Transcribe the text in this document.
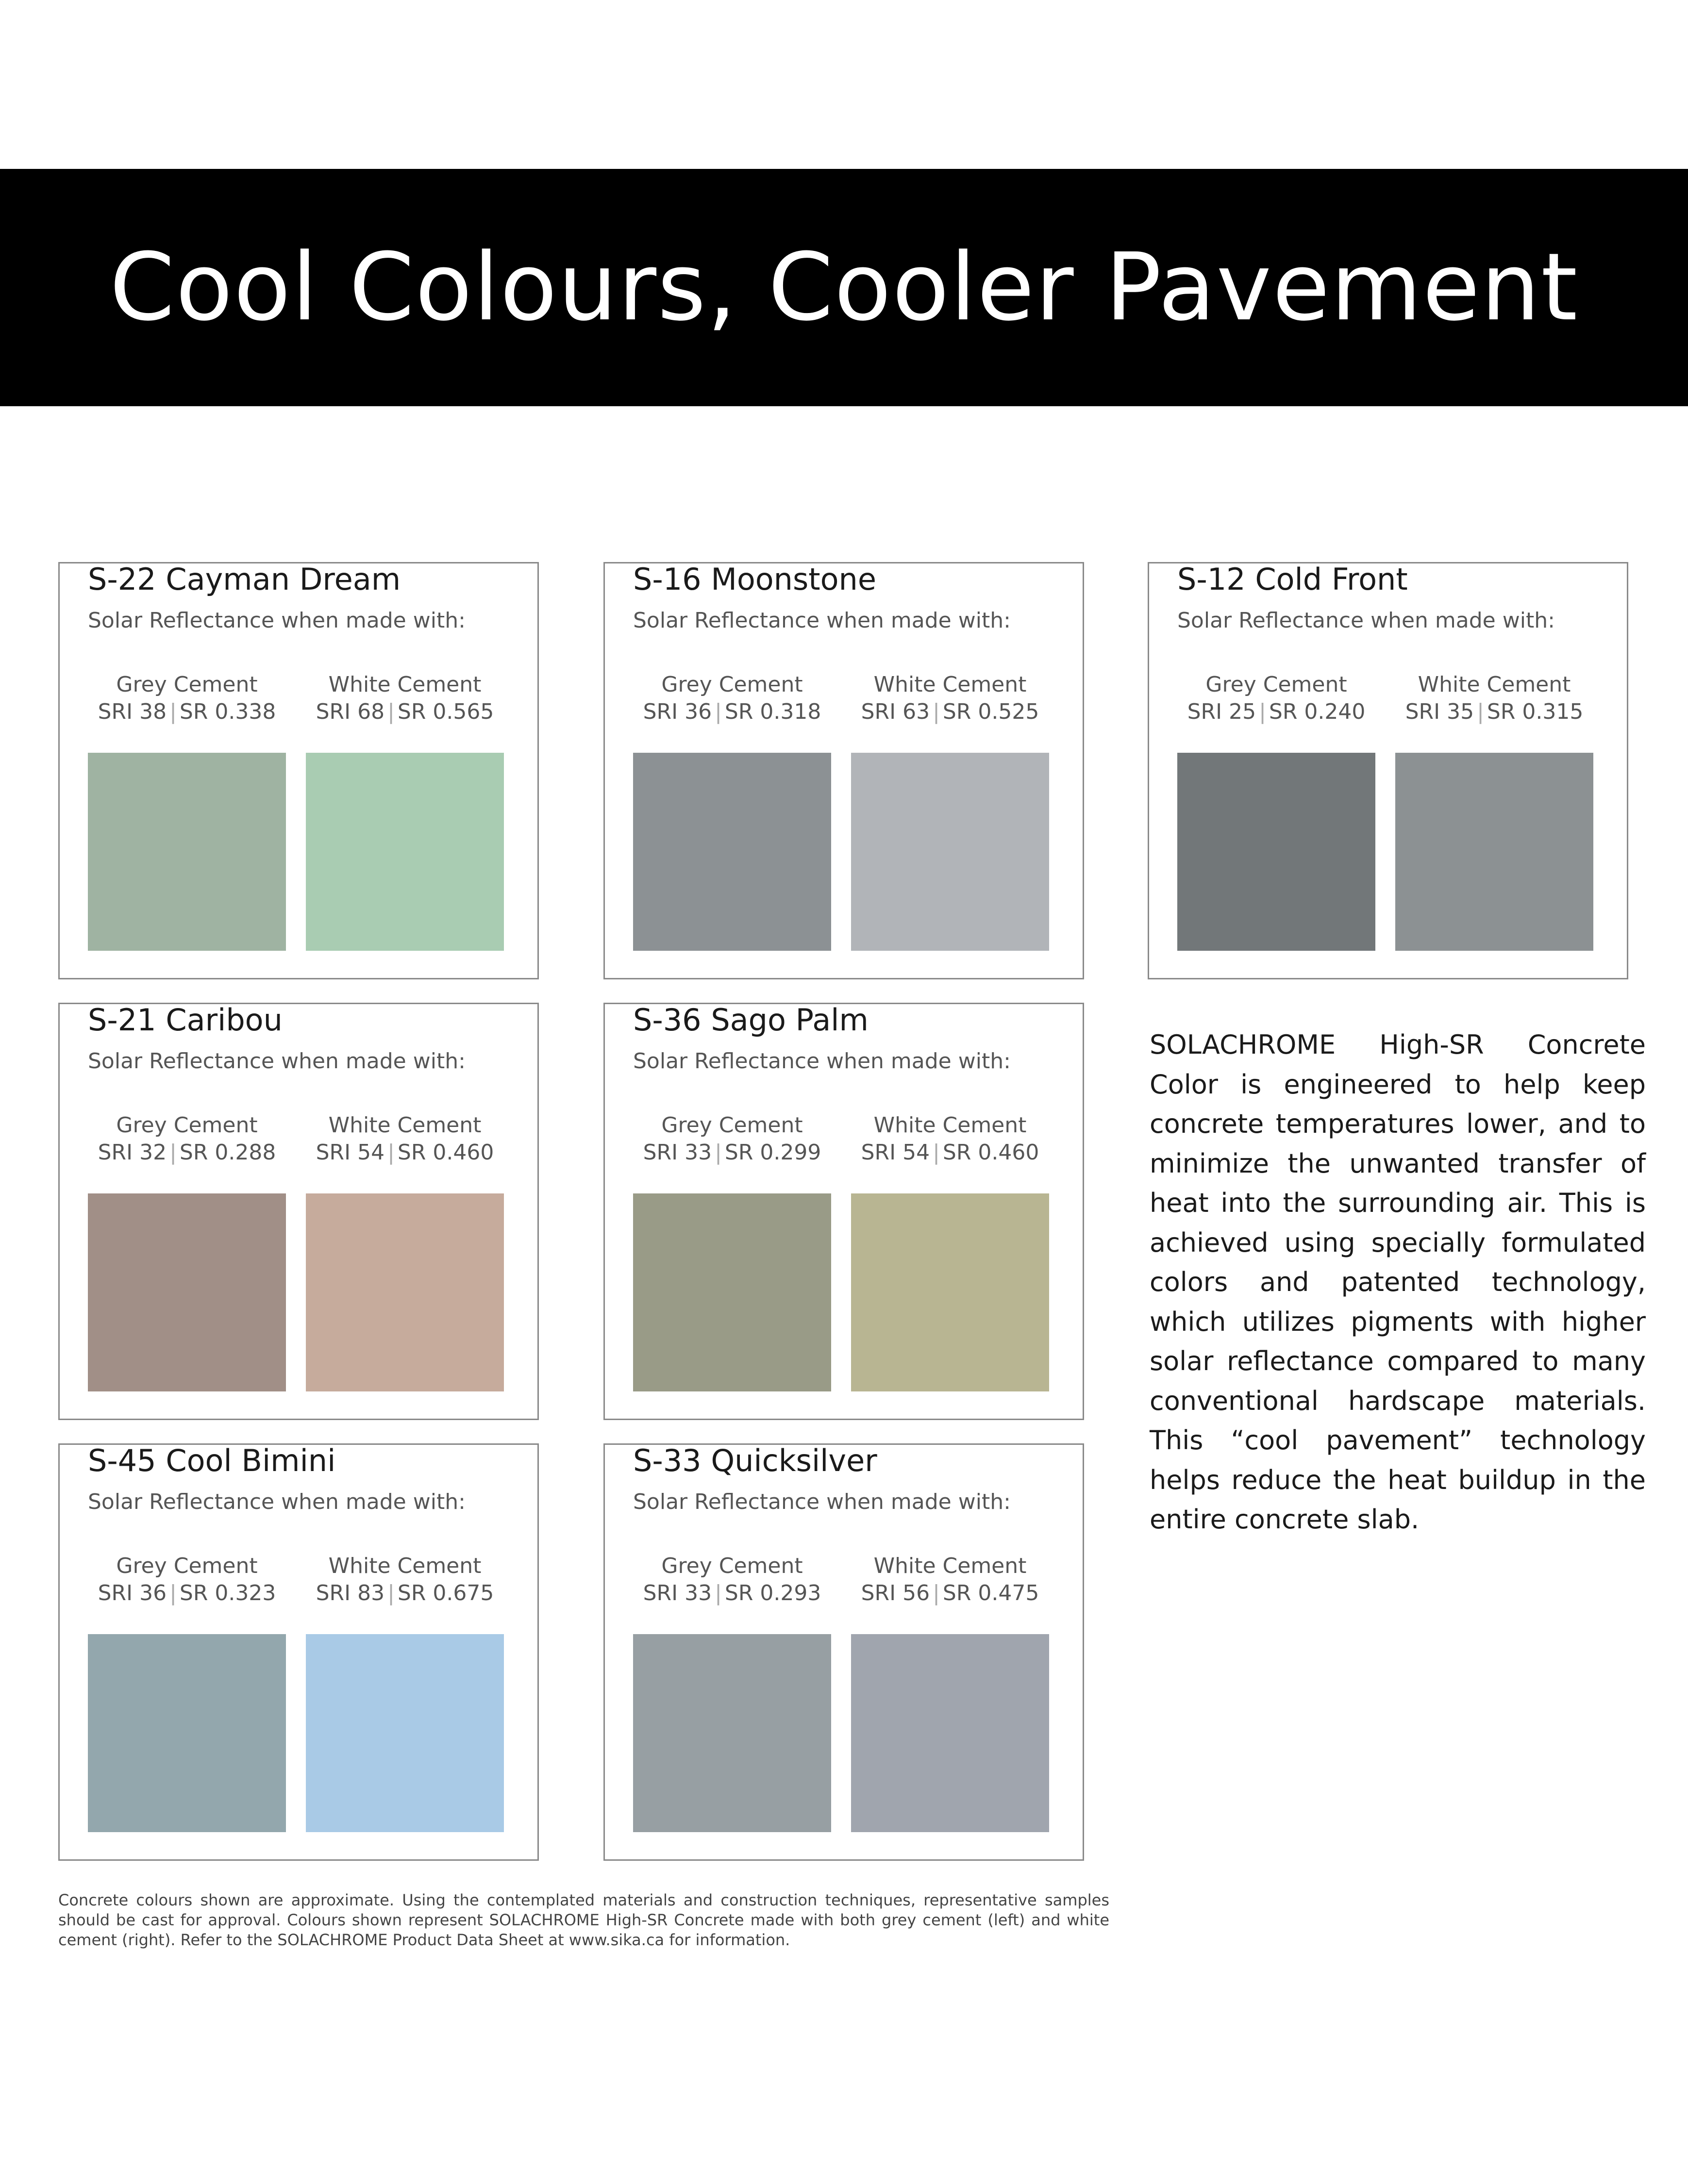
Cool Colours, Cooler Pavement
S-22 Cayman Dream
Solar Reflectance when made with:
Grey Cement
SRI 38 | SR 0.338
White Cement
SRI 68 | SR 0.565
S-16 Moonstone
Solar Reflectance when made with:
Grey Cement
SRI 36 | SR 0.318
White Cement
SRI 63 | SR 0.525
S-12 Cold Front
Solar Reflectance when made with:
Grey Cement
SRI 25 | SR 0.240
White Cement
SRI 35 | SR 0.315
S-21 Caribou
Solar Reflectance when made with:
Grey Cement
SRI 32 | SR 0.288
White Cement
SRI 54 | SR 0.460
S-36 Sago Palm
Solar Reflectance when made with:
Grey Cement
SRI 33 | SR 0.299
White Cement
SRI 54 | SR 0.460
S-45 Cool Bimini
Solar Reflectance when made with:
Grey Cement
SRI 36 | SR 0.323
White Cement
SRI 83 | SR 0.675
S-33 Quicksilver
Solar Reflectance when made with:
Grey Cement
SRI 33 | SR 0.293
White Cement
SRI 56 | SR 0.475

SOLACHROME High-SR Concrete Color is engineered to help keep concrete temperatures lower, and to minimize the unwanted transfer of heat into the surrounding air. This is achieved using specially formulated colors and patented technology, which utilizes pigments with higher solar reflectance compared to many conventional hardscape materials. This “cool pavement” technology helps reduce the heat buildup in the entire concrete slab.

Concrete colours shown are approximate. Using the contemplated materials and construction techniques, representative samples should be cast for approval. Colours shown represent SOLACHROME High-SR Concrete made with both grey cement (left) and white cement (right). Refer to the SOLACHROME Product Data Sheet at www.sika.ca for information.
